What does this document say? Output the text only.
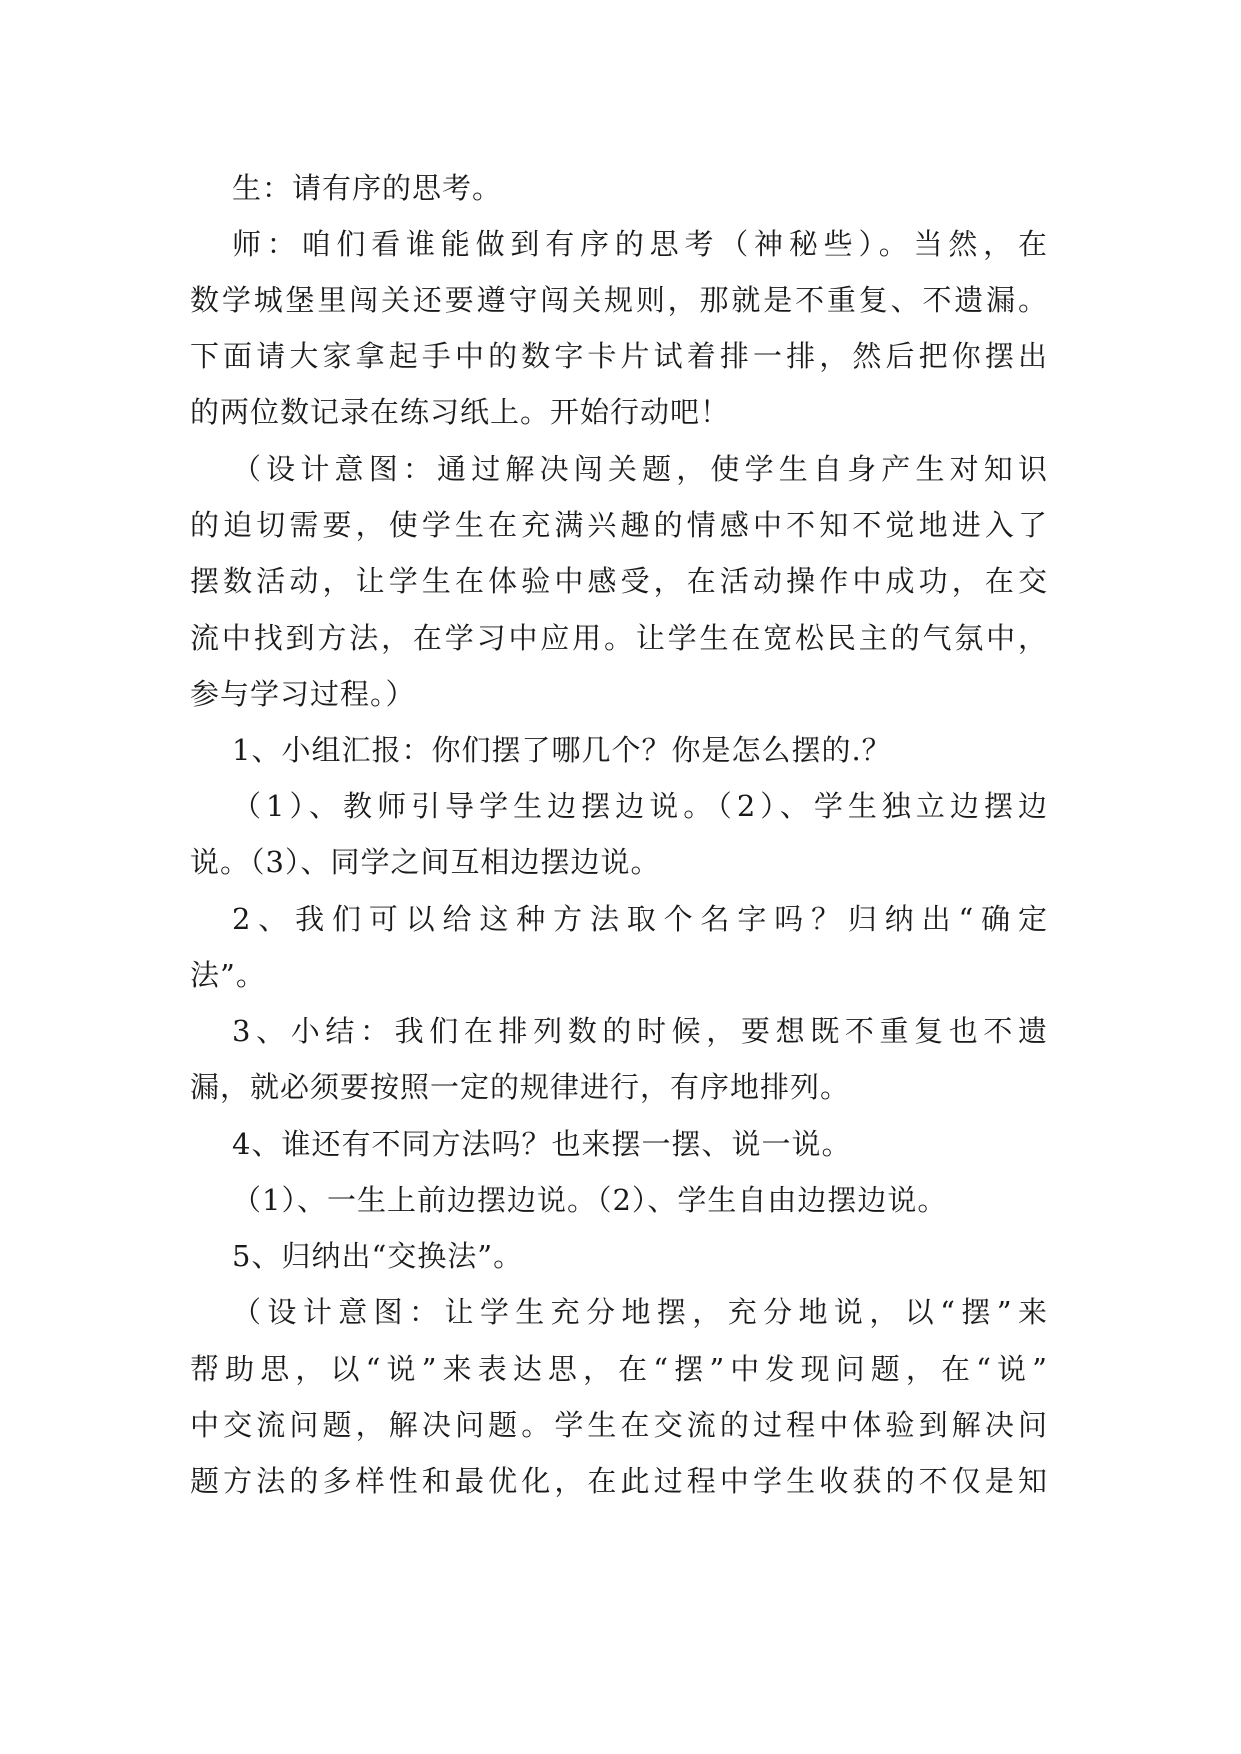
生：请有序的思考。
师：咱们看谁能做到有序的思考（神秘些）。当然，在
数学城堡里闯关还要遵守闯关规则，那就是不重复、不遗漏。
下面请大家拿起手中的数字卡片试着排一排，然后把你摆出
的两位数记录在练习纸上。开始行动吧！
（设计意图：通过解决闯关题，使学生自身产生对知识
的迫切需要，使学生在充满兴趣的情感中不知不觉地进入了
摆数活动，让学生在体验中感受，在活动操作中成功，在交
流中找到方法，在学习中应用。让学生在宽松民主的气氛中，
参与学习过程。）
1、小组汇报：你们摆了哪几个？你是怎么摆的.？
（1）、教师引导学生边摆边说。（2）、学生独立边摆边
说。（3）、同学之间互相边摆边说。
2、我们可以给这种方法取个名字吗？归纳出“确定
法”。
3、小结：我们在排列数的时候，要想既不重复也不遗
漏，就必须要按照一定的规律进行，有序地排列。
4、谁还有不同方法吗？也来摆一摆、说一说。
（1）、一生上前边摆边说。（2）、学生自由边摆边说。
5、归纳出“交换法”。
（设计意图：让学生充分地摆，充分地说，以“摆”来
帮助思，以“说”来表达思，在“摆”中发现问题，在“说”
中交流问题，解决问题。学生在交流的过程中体验到解决问
题方法的多样性和最优化，在此过程中学生收获的不仅是知
